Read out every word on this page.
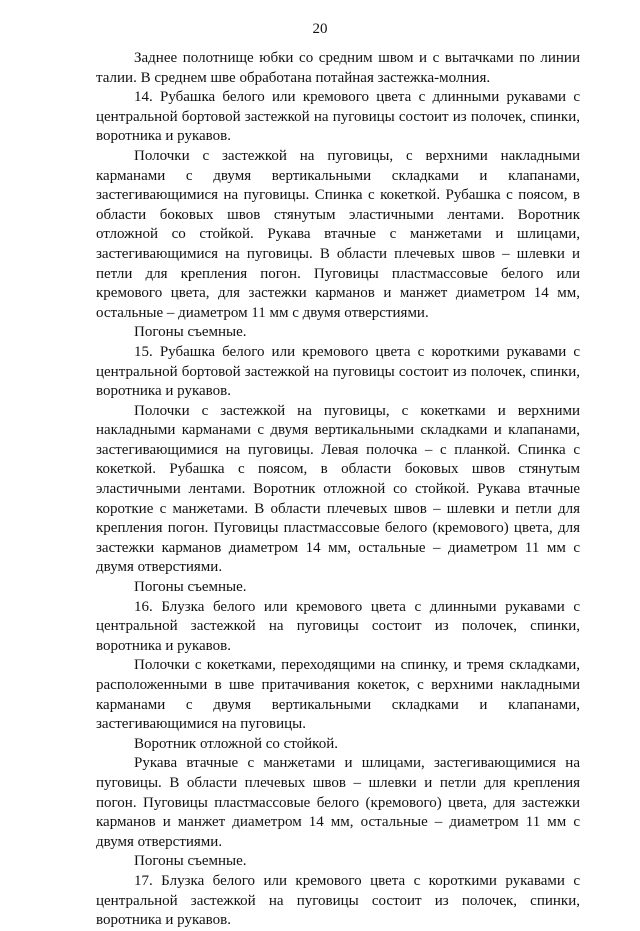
20

Заднее полотнище юбки со средним швом и с вытачками по линии талии. В среднем шве обработана потайная застежка-молния.

14. Рубашка белого или кремового цвета с длинными рукавами с центральной бортовой застежкой на пуговицы состоит из полочек, спинки, воротника и рукавов.

Полочки с застежкой на пуговицы, с верхними накладными карманами с двумя вертикальными складками и клапанами, застегивающимися на пуговицы. Спинка с кокеткой. Рубашка с поясом, в области боковых швов стянутым эластичными лентами. Воротник отложной со стойкой. Рукава втачные с манжетами и шлицами, застегивающимися на пуговицы. В области плечевых швов – шлевки и петли для крепления погон. Пуговицы пластмассовые белого или кремового цвета, для застежки карманов и манжет диаметром 14 мм, остальные – диаметром 11 мм с двумя отверстиями.

Погоны съемные.

15. Рубашка белого или кремового цвета с короткими рукавами с центральной бортовой застежкой на пуговицы состоит из полочек, спинки, воротника и рукавов.

Полочки с застежкой на пуговицы, с кокетками и верхними накладными карманами с двумя вертикальными складками и клапанами, застегивающимися на пуговицы. Левая полочка – с планкой. Спинка с кокеткой. Рубашка с поясом, в области боковых швов стянутым эластичными лентами. Воротник отложной со стойкой. Рукава втачные короткие с манжетами. В области плечевых швов – шлевки и петли для крепления погон. Пуговицы пластмассовые белого (кремового) цвета, для застежки карманов диаметром 14 мм, остальные – диаметром 11 мм с двумя отверстиями.

Погоны съемные.

16. Блузка белого или кремового цвета с длинными рукавами с центральной застежкой на пуговицы состоит из полочек, спинки, воротника и рукавов.

Полочки с кокетками, переходящими на спинку, и тремя складками, расположенными в шве притачивания кокеток, с верхними накладными карманами с двумя вертикальными складками и клапанами, застегивающимися на пуговицы.

Воротник отложной со стойкой.

Рукава втачные с манжетами и шлицами, застегивающимися на пуговицы. В области плечевых швов – шлевки и петли для крепления погон. Пуговицы пластмассовые белого (кремового) цвета, для застежки карманов и манжет диаметром 14 мм, остальные – диаметром 11 мм с двумя отверстиями.

Погоны съемные.

17. Блузка белого или кремового цвета с короткими рукавами с центральной застежкой на пуговицы состоит из полочек, спинки, воротника и рукавов.
